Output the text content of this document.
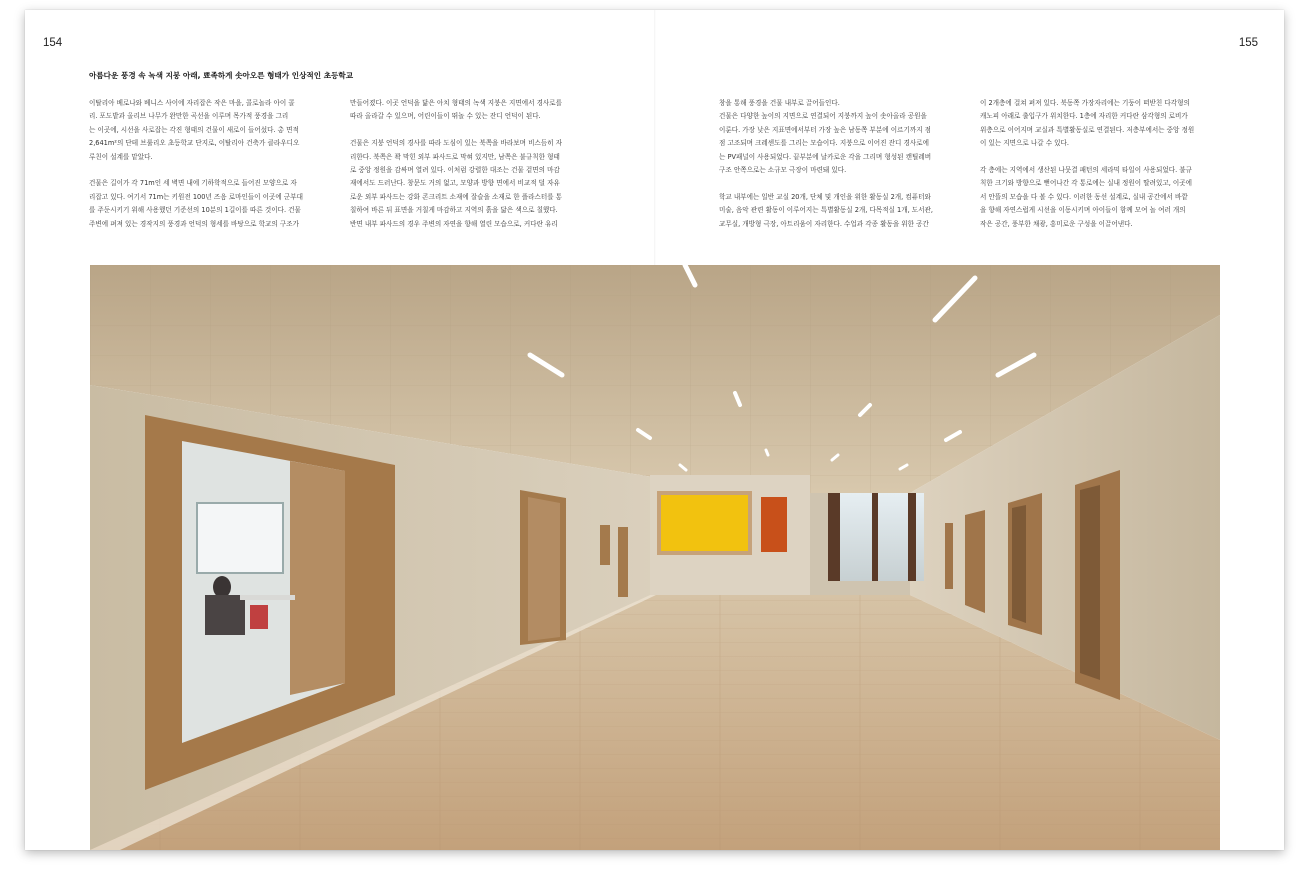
154	155
아름다운 풍경 속 녹색 지붕 아래, 뾰족하게 솟아오른 형태가 인상적인 초등학교

이탈리아 베로나와 베니스 사이에 자리잡은 작은 마을, 콜로놀라 아이 콜
리. 포도밭과 올리브 나무가 완만한 곡선을 이루며 목가적 풍경을 그리
는 이곳에, 시선을 사로잡는 각진 형태의 건물이 새로이 들어섰다. 총 면적
2,641m²의 단테 브룰리오 초등학교 단지로, 이탈리아 건축가 클라우디오
루친이 설계를 맡았다.

건물은 길이가 각 71m인 세 벽면 내에 기하학적으로 들어진 모양으로 자
리잡고 있다. 여기서 71m는 키원전 100년 즈음 로마인들이 이곳에 군부대
를 주둔시키기 위해 사용했던 기준선의 10분의 1길이를 따른 것이다. 건물
주변에 펴져 있는 경작지의 풍경과 언덕의 형세를 바탕으로 학교의 구조가

만들어졌다. 이곳 언덕을 닮은 아치 형태의 녹색 지붕은 지면에서 경사로를
따라 올라갈 수 있으며, 어린이들이 뛰놀 수 있는 잔디 언덕이 된다.

건물은 지붕 언덕의 경사를 따라 도심이 있는 북쪽을 바라보며 비스듬히 자
리한다. 북쪽은 꽉 막힌 외부 파사드로 막혀 있지만, 남쪽은 불규칙한 형태
로 중앙 정원을 감싸며 열려 있다. 이처럼 강렬한 대조는 건물 겉면의 마감
재에서도 드러난다. 창문도 거의 없고, 모양과 방향 면에서 비교적 덜 자유
로운 외부 파사드는 강화 콘크리트 소재에 잘슬을 소재로 한 플라스터를 통
칠하여 바른 뒤 표면을 거칠게 마감하고 지역의 흙을 닮은 색으로 칠했다.
반면 내부 파사드의 경우 주변의 자연을 향해 열린 모습으로, 커다란 유리

창을 통해 풍경을 건물 내부로 끌어들인다.
건물은 다양한 높이의 지면으로 연결되어 지붕까지 높이 솟아올라 공원을
이룬다. 가장 낮은 지표면에서부터 가장 높은 남동쪽 부분에 이르기까지 점
점 고조되며 크레센도를 그리는 모습이다. 지붕으로 이어진 잔디 경사로에
는 PV패널이 사용되었다. 끝부분에 날카로운 각을 그리며 형성된 캔틸레버
구조 안쪽으로는 소규모 극장이 마련돼 있다.

학교 내부에는 일반 교실 20개, 단체 및 개인을 위한 활동실 2개, 컴퓨터와
미술, 음악 관련 활동이 이루어지는 특별활동실 2개, 다목적실 1개, 도서관,
교무실, 개방형 극장, 아트리움이 자리한다. 수업과 각종 활동을 위한 공간

이 2개층에 걸쳐 펴져 있다. 북동쪽 가장자리에는 기둥이 떠받친 다각형의
캐노피 아래로 출입구가 위치한다. 1층에 자리한 커다란 삼각형의 로비가
위층으로 이어지며 교실과 특별활동실로 연결된다. 저층부에서는 중앙 정원
이 있는 지면으로 나갈 수 있다.

각 층에는 지역에서 생산된 나뭇결 패턴의 세라믹 타일이 사용되었다. 불규
칙한 크기와 방향으로 뻗어나간 각 통로에는 실내 정원이 딸려있고, 이곳에
서 안뜰의 모습을 다 볼 수 있다. 이러한 동선 설계로, 실내 공간에서 바깥
을 향해 자연스럽게 시선을 이동시키며 아이들이 함께 모여 놀 여러 개의
작은 공간, 풍부한 채광, 흥미로운 구성을 이끌어낸다.
